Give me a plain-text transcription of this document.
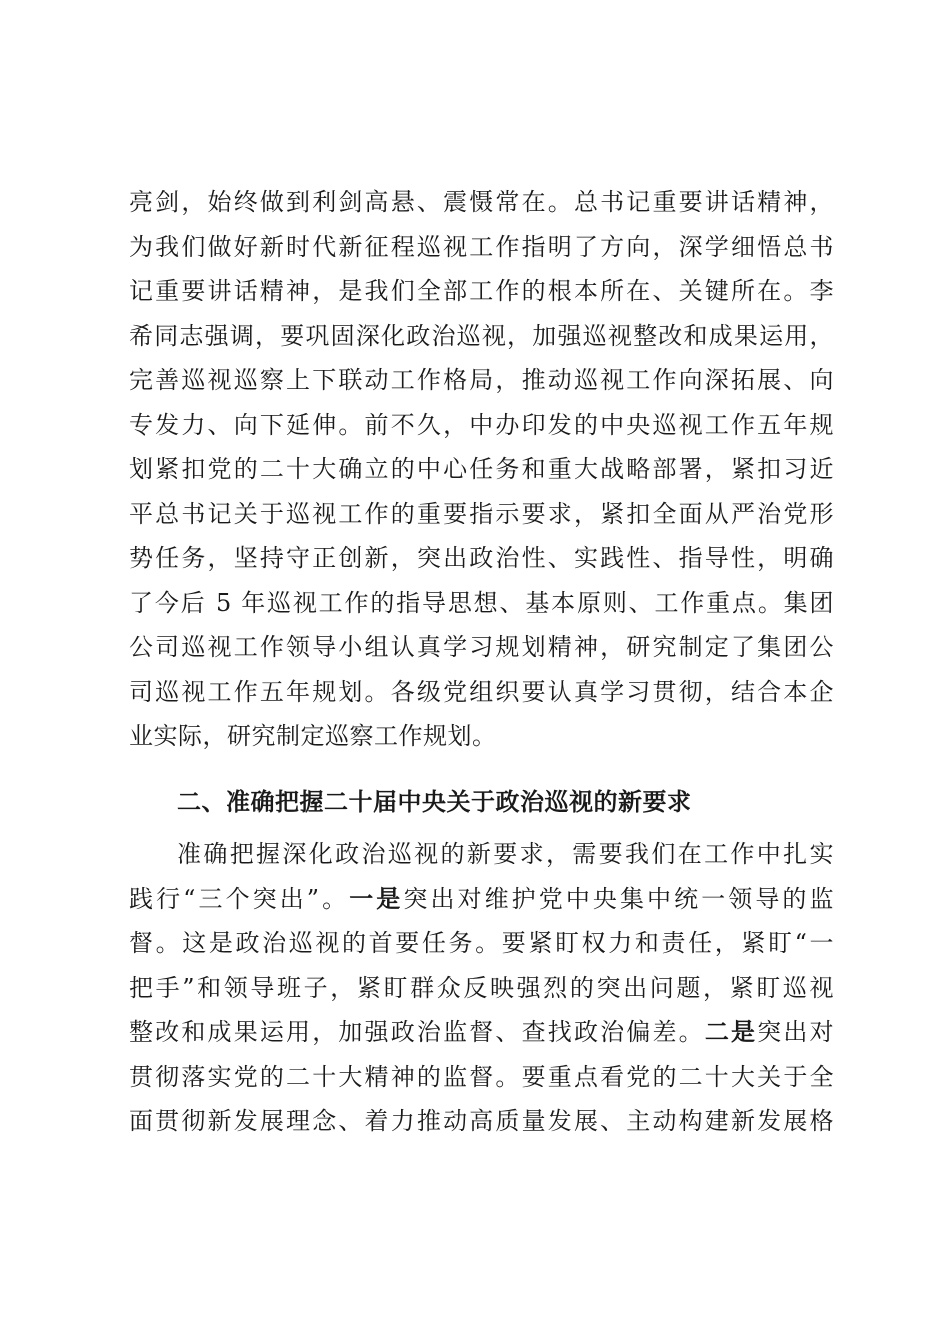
亮剑，始终做到利剑高悬、震慑常在。总书记重要讲话精神，
为我们做好新时代新征程巡视工作指明了方向，深学细悟总书
记重要讲话精神，是我们全部工作的根本所在、关键所在。李
希同志强调，要巩固深化政治巡视，加强巡视整改和成果运用，
完善巡视巡察上下联动工作格局，推动巡视工作向深拓展、向
专发力、向下延伸。前不久，中办印发的中央巡视工作五年规
划紧扣党的二十大确立的中心任务和重大战略部署，紧扣习近
平总书记关于巡视工作的重要指示要求，紧扣全面从严治党形
势任务，坚持守正创新，突出政治性、实践性、指导性，明确
了今后 5 年巡视工作的指导思想、基本原则、工作重点。集团
公司巡视工作领导小组认真学习规划精神，研究制定了集团公
司巡视工作五年规划。各级党组织要认真学习贯彻，结合本企
业实际，研究制定巡察工作规划。
二、准确把握二十届中央关于政治巡视的新要求
准确把握深化政治巡视的新要求，需要我们在工作中扎实
践行“三个突出”。一是突出对维护党中央集中统一领导的监
督。这是政治巡视的首要任务。要紧盯权力和责任，紧盯“一
把手”和领导班子，紧盯群众反映强烈的突出问题，紧盯巡视
整改和成果运用，加强政治监督、查找政治偏差。二是突出对
贯彻落实党的二十大精神的监督。要重点看党的二十大关于全
面贯彻新发展理念、着力推动高质量发展、主动构建新发展格
